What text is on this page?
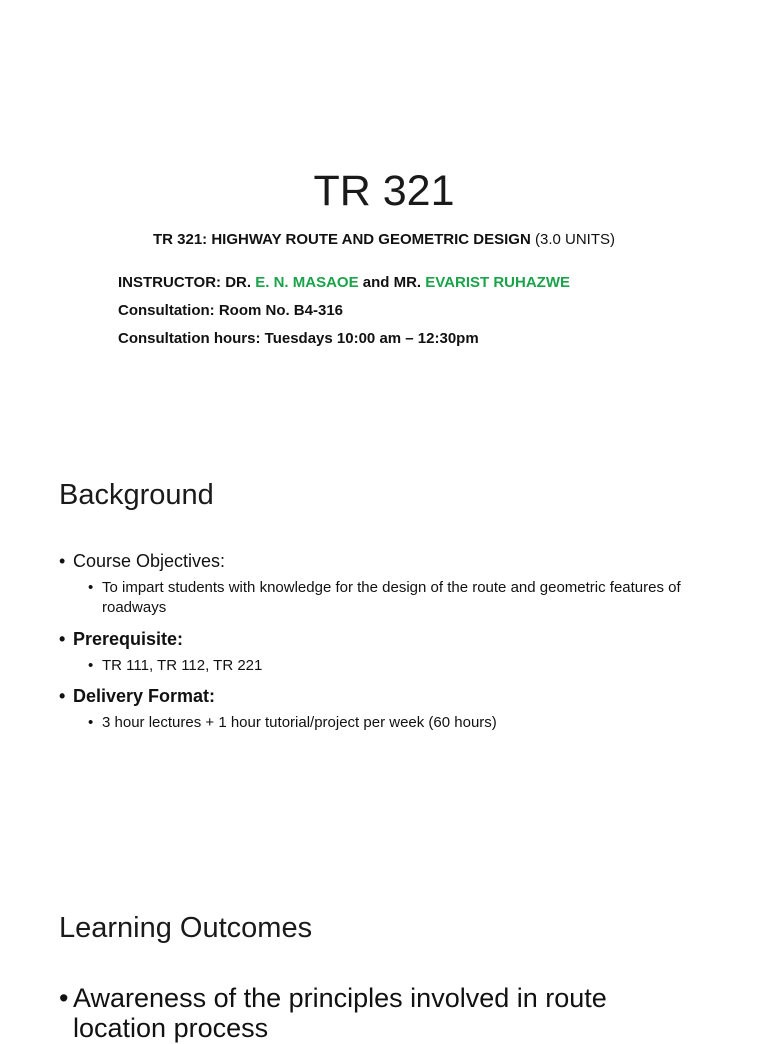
TR 321
TR 321: HIGHWAY ROUTE AND GEOMETRIC DESIGN (3.0 UNITS)
INSTRUCTOR: DR. E. N. MASAOE and MR. EVARIST RUHAZWE
Consultation: Room No. B4-316
Consultation hours: Tuesdays 10:00 am – 12:30pm
Background
• Course Objectives:
• To impart students with knowledge for the design of the route and geometric features of roadways
• Prerequisite:
• TR 111, TR 112, TR 221
• Delivery Format:
• 3 hour lectures + 1 hour tutorial/project per week (60 hours)
Learning Outcomes
• Awareness of the principles involved in route
location process
